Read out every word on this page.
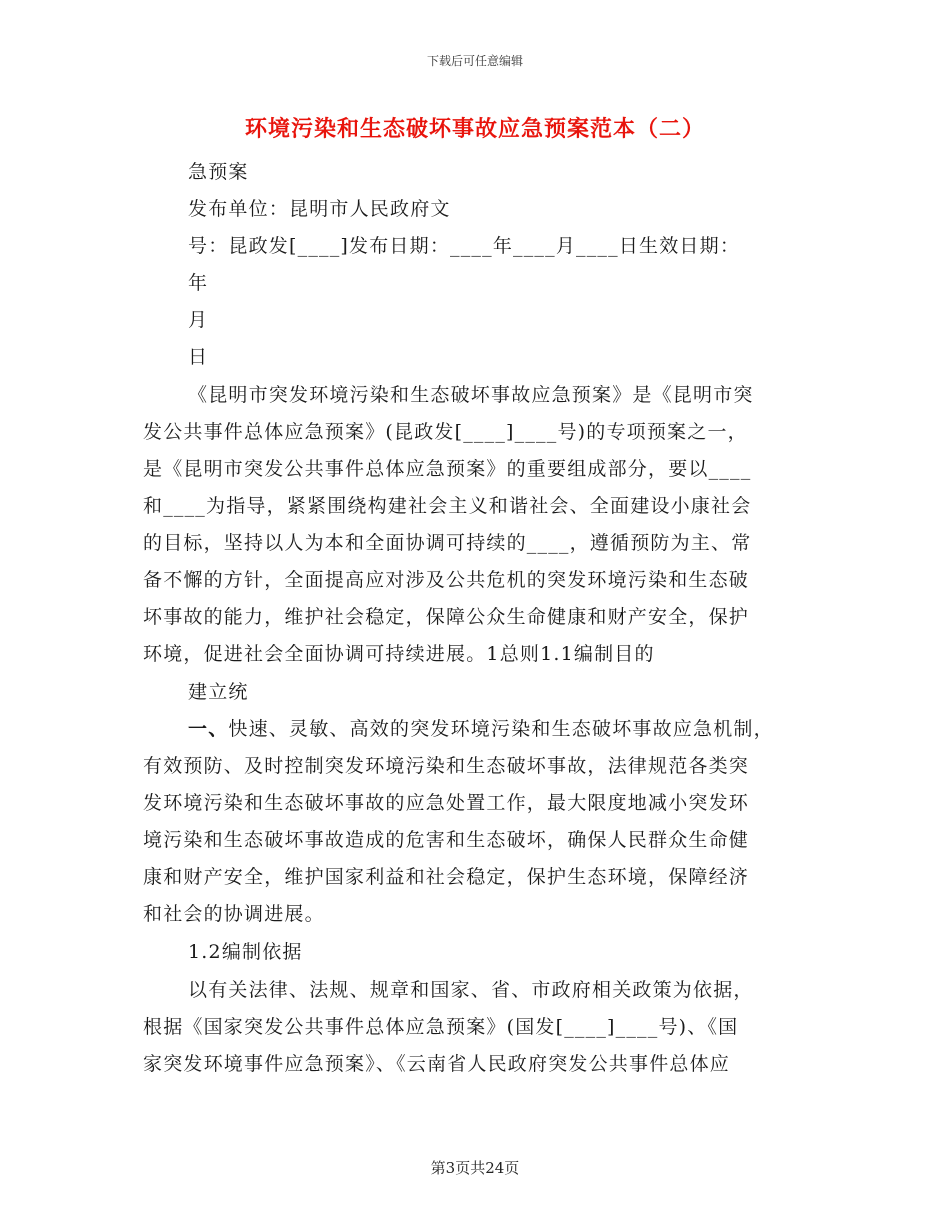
下载后可任意编辑
环境污染和生态破坏事故应急预案范本（二）
急预案
发布单位：昆明市人民政府文
号：昆政发[____]发布日期：____年____月____日生效日期：
年
月
日
《昆明市突发环境污染和生态破坏事故应急预案》是《昆明市突
发公共事件总体应急预案》(昆政发[____]____号)的专项预案之一，
是《昆明市突发公共事件总体应急预案》的重要组成部分，要以____
和____为指导，紧紧围绕构建社会主义和谐社会、全面建设小康社会
的目标，坚持以人为本和全面协调可持续的____，遵循预防为主、常
备不懈的方针，全面提高应对涉及公共危机的突发环境污染和生态破
坏事故的能力，维护社会稳定，保障公众生命健康和财产安全，保护
环境，促进社会全面协调可持续进展。1总则1.1编制目的
建立统
一、快速、灵敏、高效的突发环境污染和生态破坏事故应急机制，
有效预防、及时控制突发环境污染和生态破坏事故，法律规范各类突
发环境污染和生态破坏事故的应急处置工作，最大限度地减小突发环
境污染和生态破坏事故造成的危害和生态破坏，确保人民群众生命健
康和财产安全，维护国家利益和社会稳定，保护生态环境，保障经济
和社会的协调进展。
1.2编制依据
以有关法律、法规、规章和国家、省、市政府相关政策为依据，
根据《国家突发公共事件总体应急预案》(国发[____]____号)、《国
家突发环境事件应急预案》、《云南省人民政府突发公共事件总体应
第3页共24页
